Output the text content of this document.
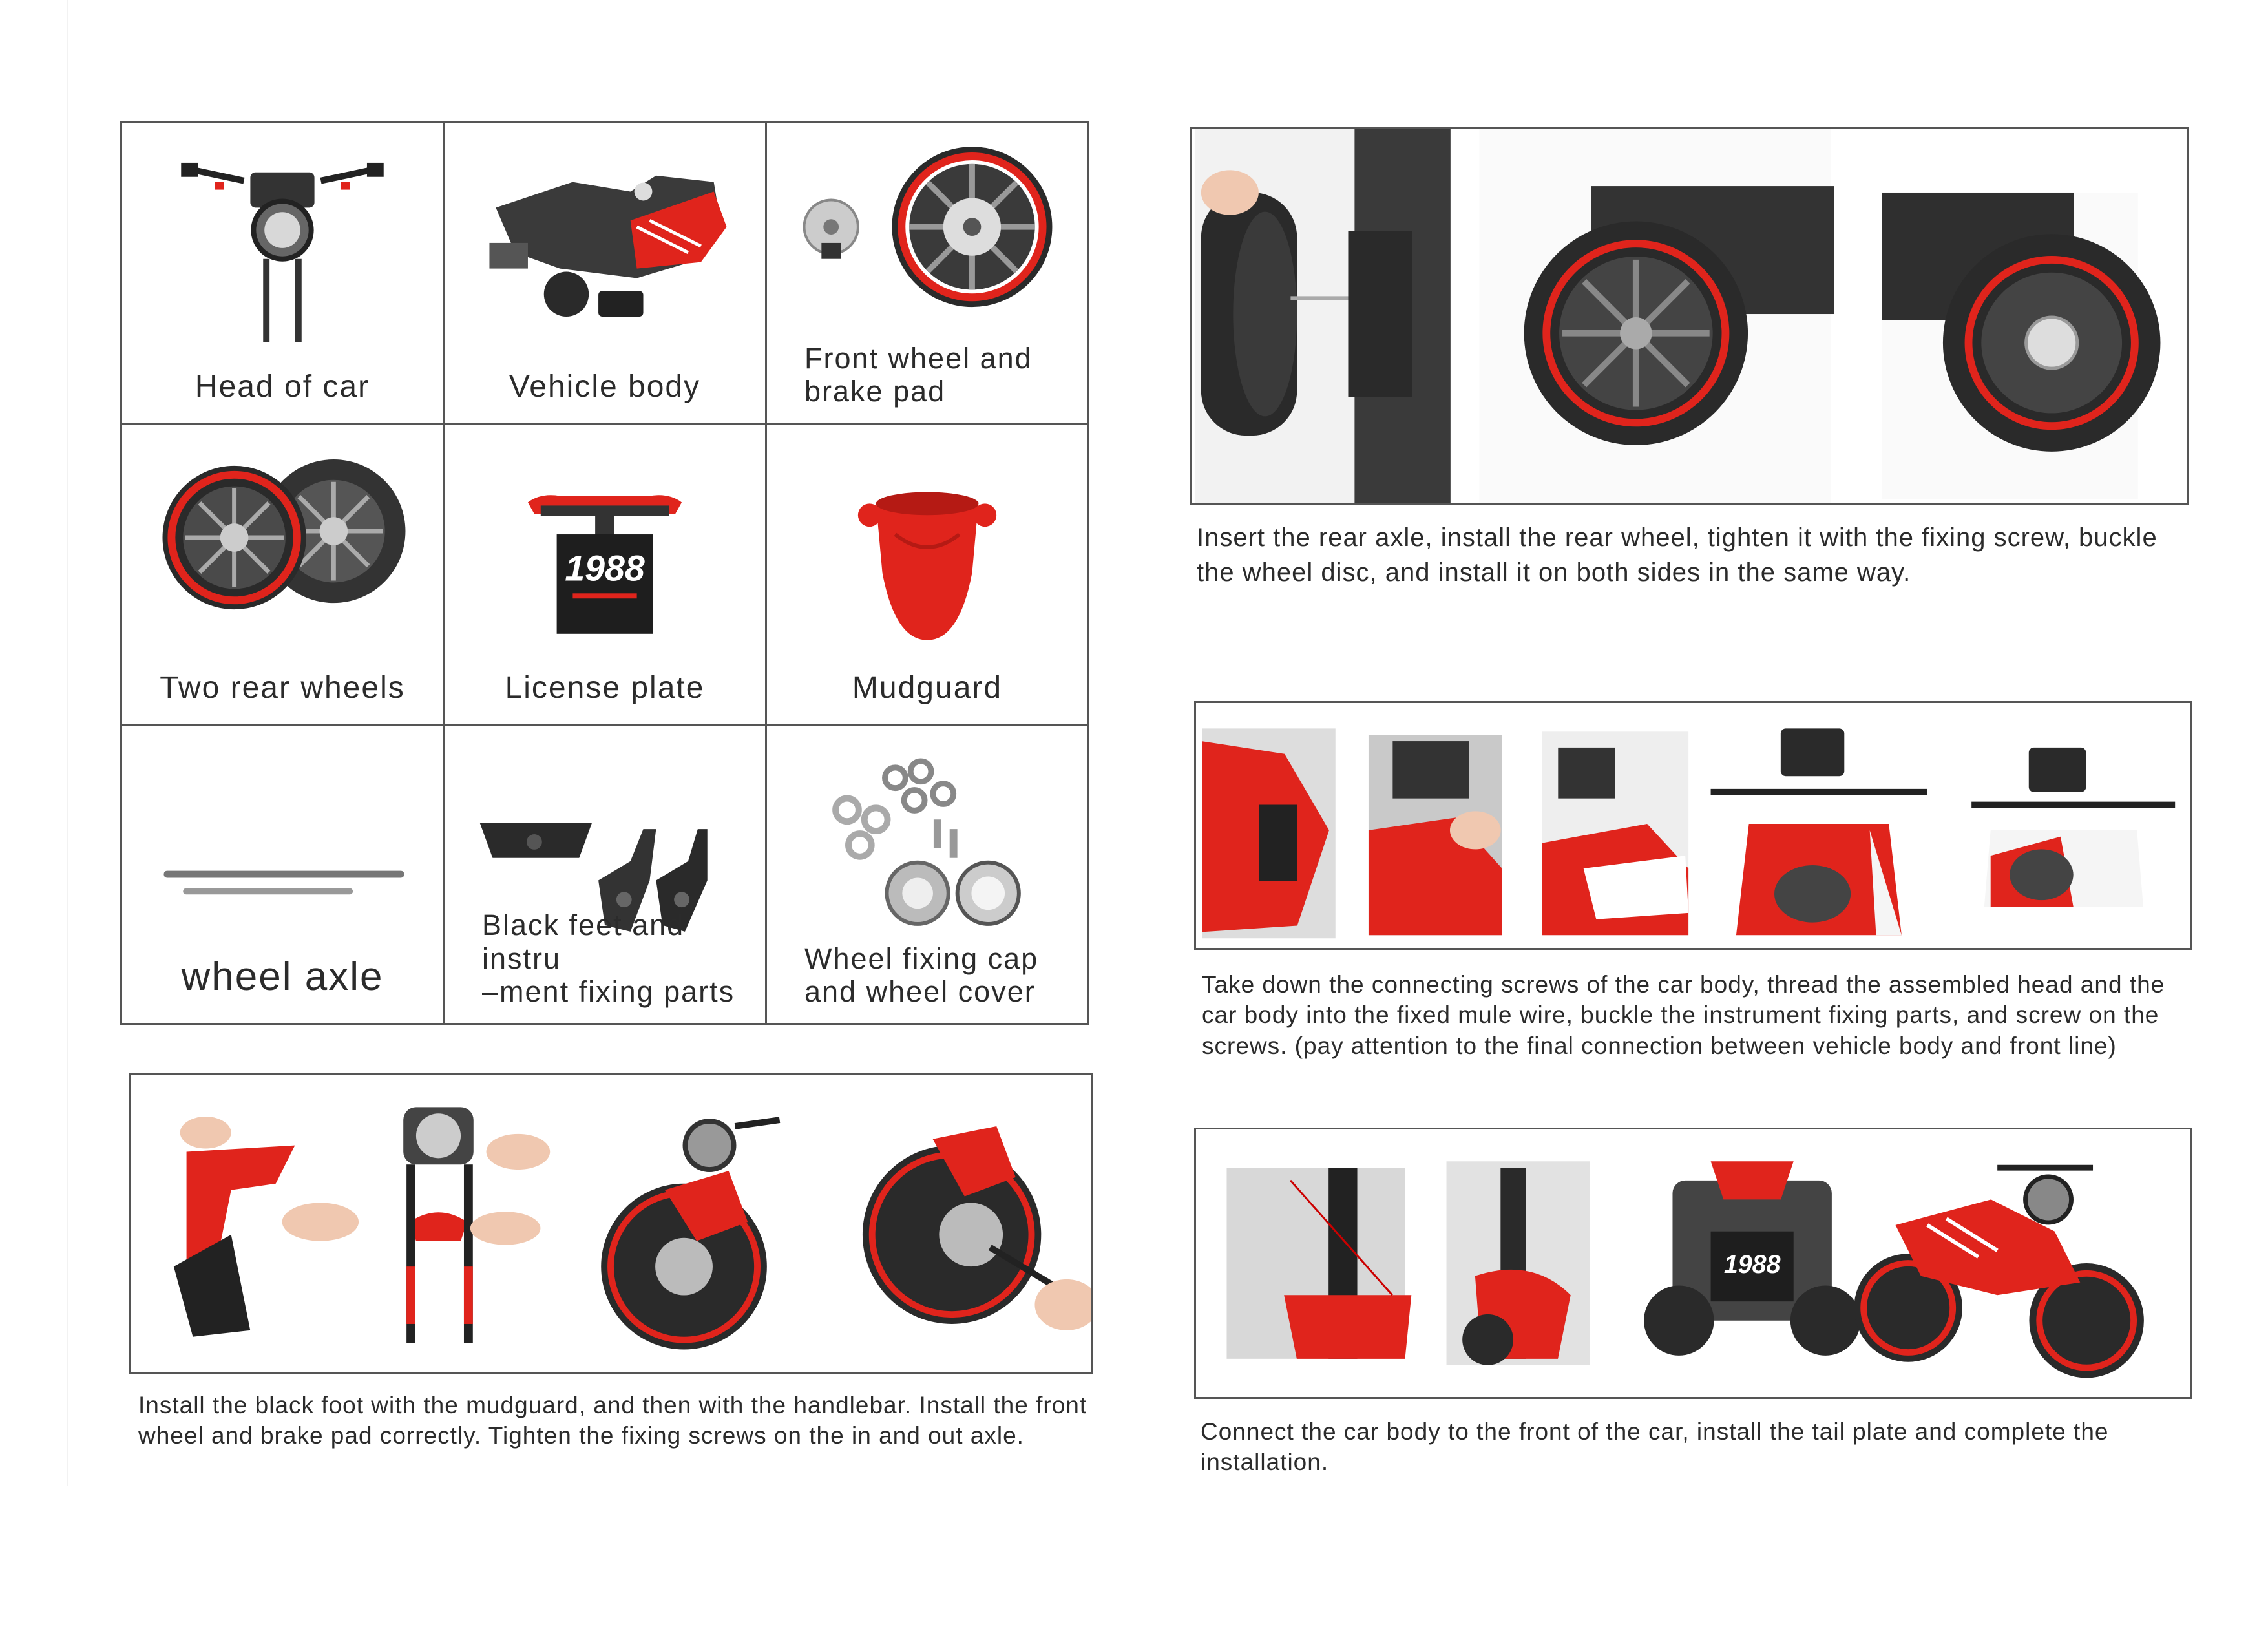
Head of car	Vehicle body
Front wheel and
brake pad
Two rear wheels
1988
License plate	Mudguard
wheel axle
Black feet and instru
–ment fixing parts
Wheel fixing cap
and wheel cover
Install the black foot with the mudguard, and then with the handlebar. Install the front wheel and brake pad correctly. Tighten the fixing screws on the in and out axle.
Insert the rear axle, install the rear wheel, tighten it with the fixing screw, buckle the wheel disc, and install it on both sides in the same way.
Take down the connecting screws of the car body, thread the assembled head and the car body into the fixed mule wire, buckle the instrument fixing parts, and screw on the screws. (pay attention to the final connection between vehicle body and front line)
1988
Connect the car body to the front of the car, install the tail plate and complete the installation.
